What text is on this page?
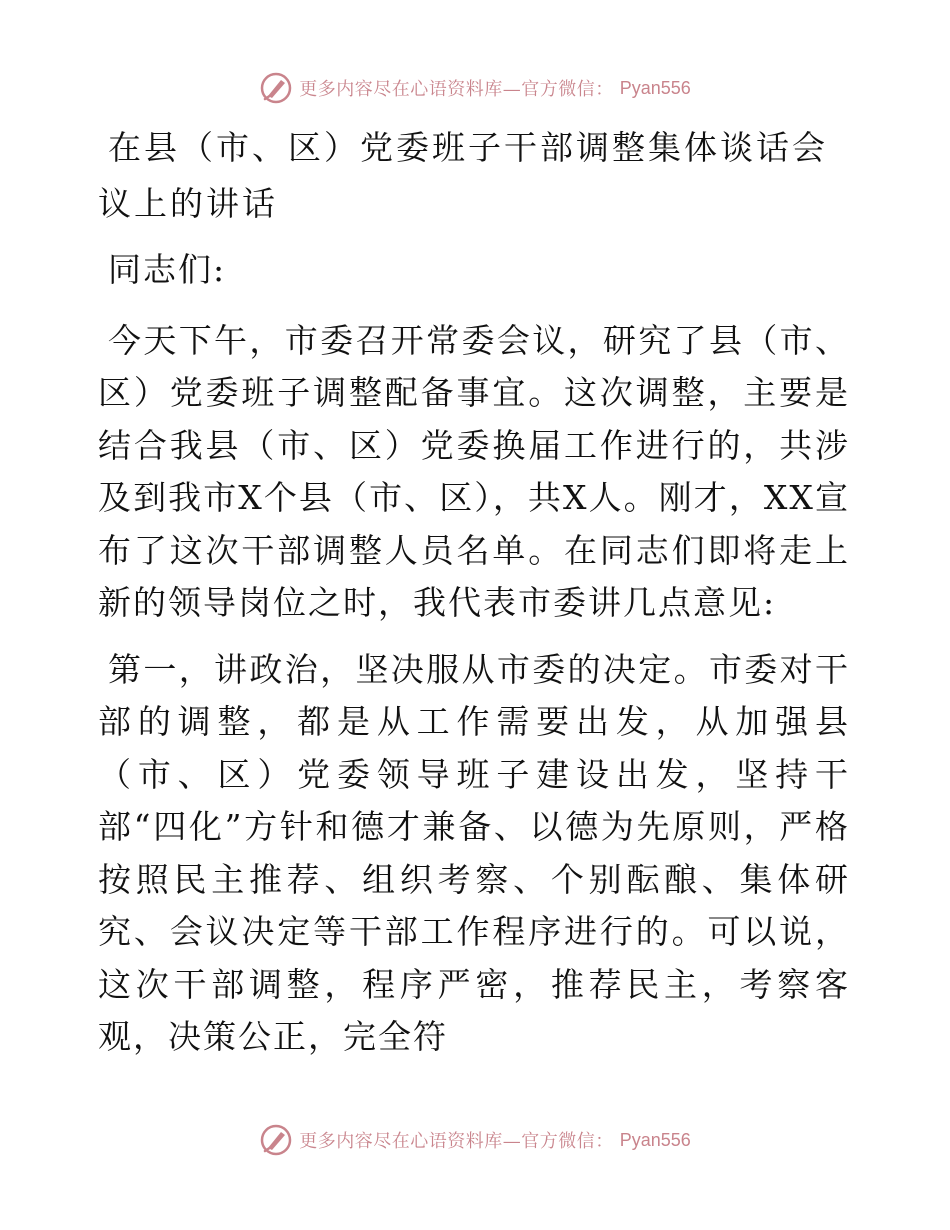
更多内容尽在心语资料库—官方微信： Pyan556
在县（市、区）党委班子干部调整集体谈话会议上的讲话

同志们:

今天下午，市委召开常委会议，研究了县（市、区）党委班子调整配备事宜。这次调整，主要是结合我县（市、区）党委换届工作进行的，共涉及到我市X个县（市、区），共X人。刚才，XX宣布了这次干部调整人员名单。在同志们即将走上新的领导岗位之时，我代表市委讲几点意见:

第一，讲政治，坚决服从市委的决定。市委对干部的调整，都是从工作需要出发，从加强县（市、区）党委领导班子建设出发，坚持干部“四化”方针和德才兼备、以德为先原则，严格按照民主推荐、组织考察、个别酝酿、集体研究、会议决定等干部工作程序进行的。可以说，这次干部调整，程序严密，推荐民主，考察客观，决策公正，完全符

更多内容尽在心语资料库—官方微信： Pyan556
